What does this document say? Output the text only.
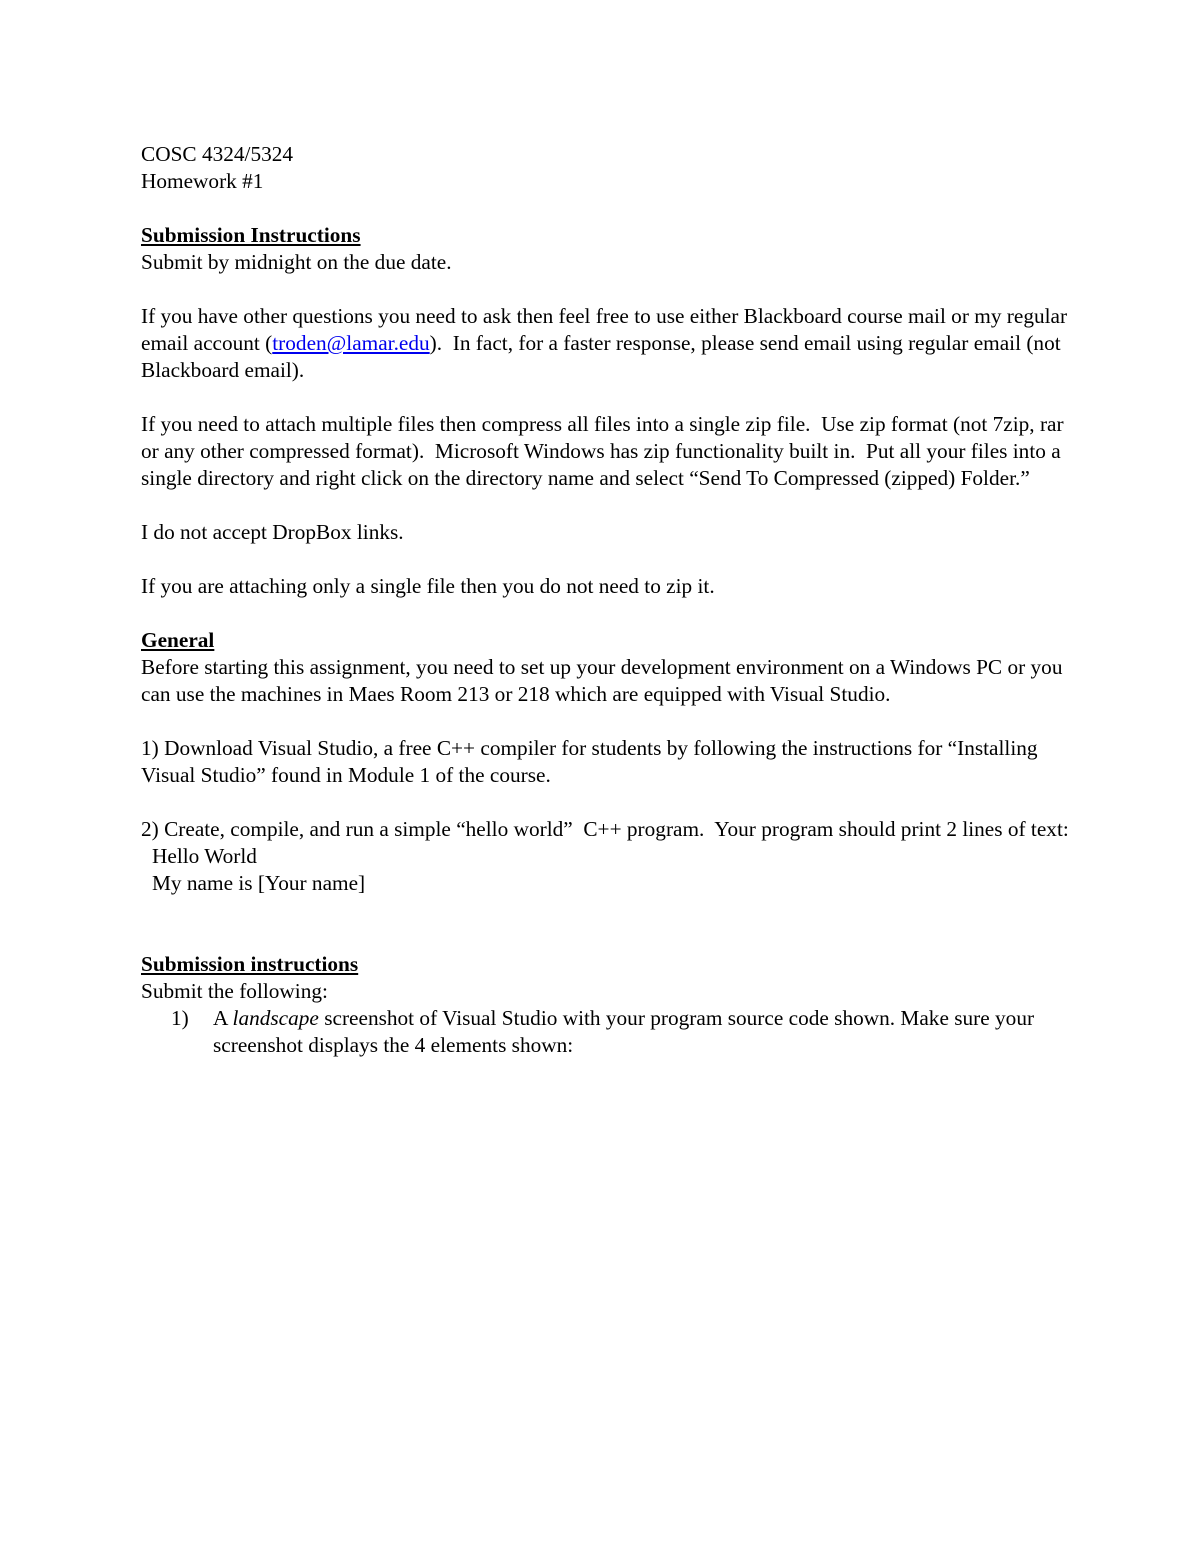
COSC 4324/5324
Homework #1
Submission Instructions
Submit by midnight on the due date.
If you have other questions you need to ask then feel free to use either Blackboard course mail or my regular email account (troden@lamar.edu).  In fact, for a faster response, please send email using regular email (not Blackboard email).
If you need to attach multiple files then compress all files into a single zip file.  Use zip format (not 7zip, rar or any other compressed format).  Microsoft Windows has zip functionality built in.  Put all your files into a single directory and right click on the directory name and select “Send To Compressed (zipped) Folder.”
I do not accept DropBox links.
If you are attaching only a single file then you do not need to zip it.
General
Before starting this assignment, you need to set up your development environment on a Windows PC or you can use the machines in Maes Room 213 or 218 which are equipped with Visual Studio.
1) Download Visual Studio, a free C++ compiler for students by following the instructions for “Installing Visual Studio” found in Module 1 of the course.
2) Create, compile, and run a simple “hello world”  C++ program.  Your program should print 2 lines of text:
Hello World
My name is [Your name]
Submission instructions
Submit the following:
1)	A landscape screenshot of Visual Studio with your program source code shown. Make sure your screenshot displays the 4 elements shown:
